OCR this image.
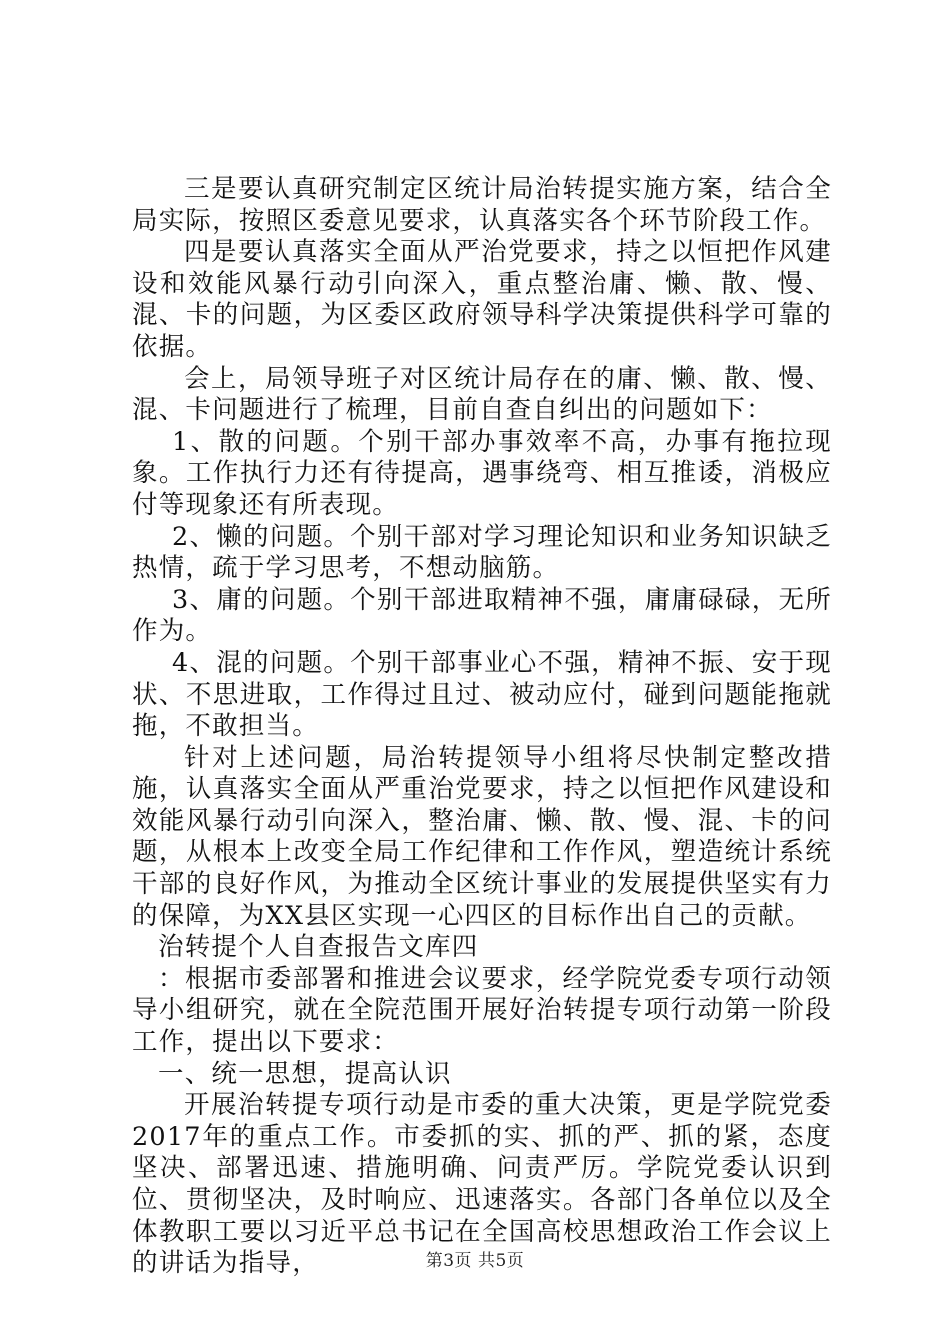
三是要认真研究制定区统计局治转提实施方案，结合全局实际，按照区委意见要求，认真落实各个环节阶段工作。

四是要认真落实全面从严治党要求，持之以恒把作风建设和效能风暴行动引向深入，重点整治庸、懒、散、慢、混、卡的问题，为区委区政府领导科学决策提供科学可靠的依据。

会上，局领导班子对区统计局存在的庸、懒、散、慢、混、卡问题进行了梳理，目前自查自纠出的问题如下：

1、散的问题。个别干部办事效率不高，办事有拖拉现象。工作执行力还有待提高，遇事绕弯、相互推诿，消极应付等现象还有所表现。

2、懒的问题。个别干部对学习理论知识和业务知识缺乏热情，疏于学习思考，不想动脑筋。

3、庸的问题。个别干部进取精神不强，庸庸碌碌，无所作为。

4、混的问题。个别干部事业心不强，精神不振、安于现状、不思进取，工作得过且过、被动应付，碰到问题能拖就拖，不敢担当。

针对上述问题，局治转提领导小组将尽快制定整改措施，认真落实全面从严重治党要求，持之以恒把作风建设和效能风暴行动引向深入，整治庸、懒、散、慢、混、卡的问题，从根本上改变全局工作纪律和工作作风，塑造统计系统干部的良好作风，为推动全区统计事业的发展提供坚实有力的保障，为XX县区实现一心四区的目标作出自己的贡献。

治转提个人自查报告文库四

：根据市委部署和推进会议要求，经学院党委专项行动领导小组研究，就在全院范围开展好治转提专项行动第一阶段工作，提出以下要求：

一、统一思想，提高认识

开展治转提专项行动是市委的重大决策，更是学院党委2017年的重点工作。市委抓的实、抓的严、抓的紧，态度坚决、部署迅速、措施明确、问责严厉。学院党委认识到位、贯彻坚决，及时响应、迅速落实。各部门各单位以及全体教职工要以习近平总书记在全国高校思想政治工作会议上的讲话为指导，	第3页 共5页
